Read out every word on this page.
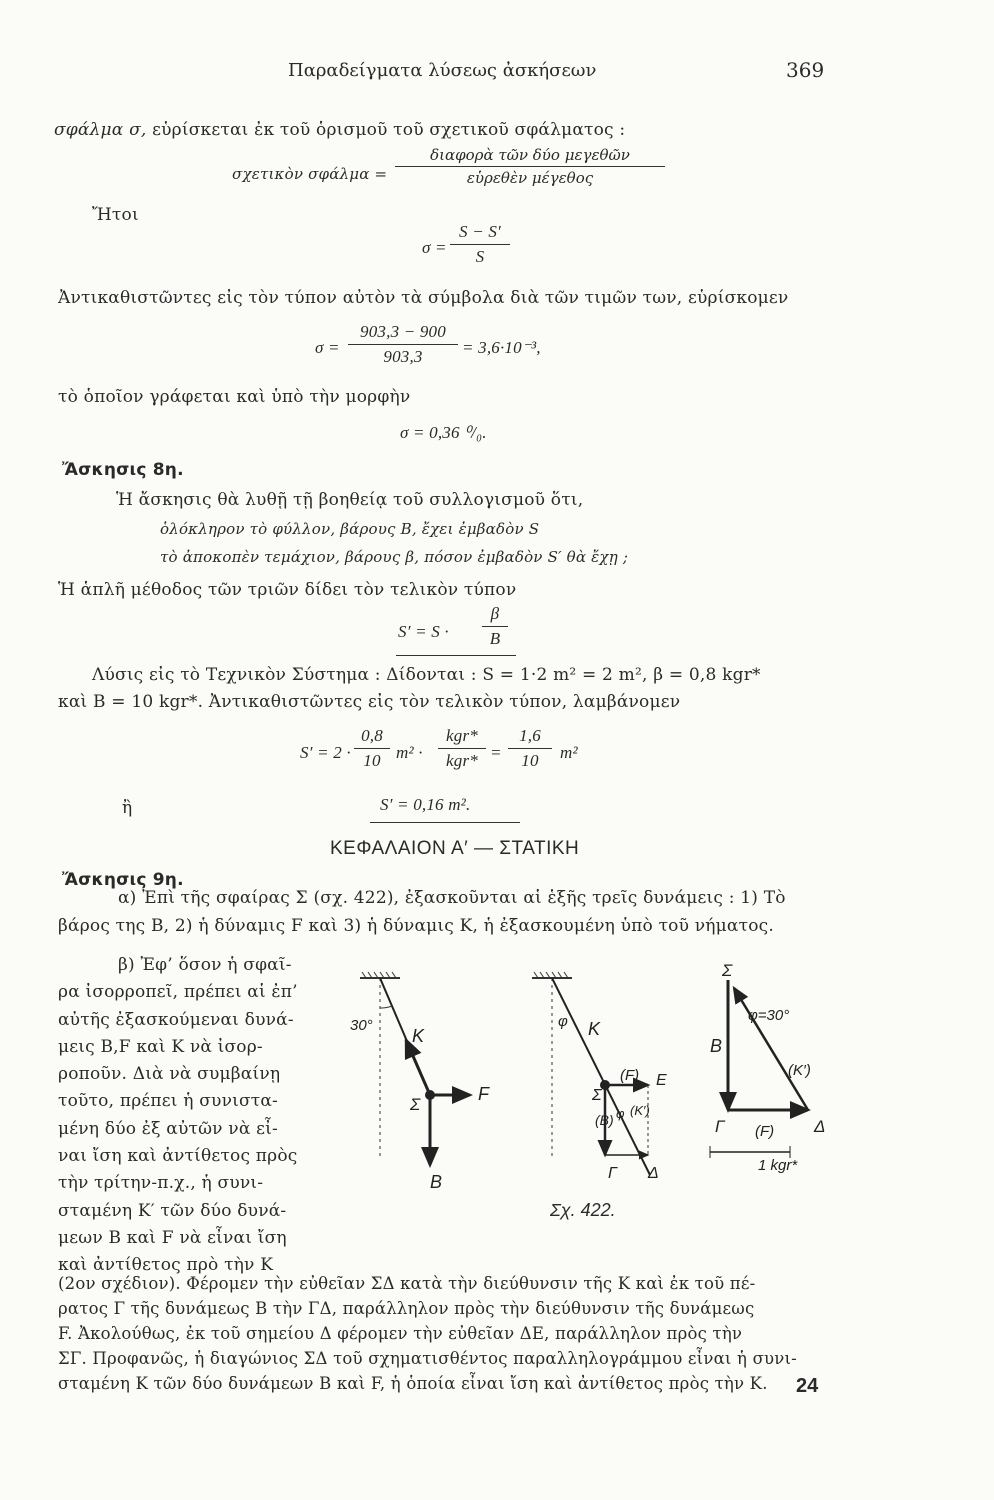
Παραδείγματα λύσεως ἀσκήσεων	369
σφάλμα σ, εὑρίσκεται ἐκ τοῦ ὁρισμοῦ τοῦ σχετικοῦ σφάλματος :
σχετικὸν σφάλμα =
διαφορὰ τῶν δύο μεγεθῶν
εὑρεθὲν μέγεθος
Ἤτοι
σ =
S − S′
S
Ἀντικαθιστῶντες εἰς τὸν τύπον αὐτὸν τὰ σύμβολα διὰ τῶν τιμῶν των, εὑρίσκομεν
σ =
903,3 − 900
903,3	= 3,6·10⁻³,
τὸ ὁποῖον γράφεται καὶ ὑπὸ τὴν μορφὴν
σ = 0,36 ⁰/₀.
Ἄσκησις 8η.
Ἡ ἄσκησις θὰ λυθῇ τῇ βοηθείᾳ τοῦ συλλογισμοῦ ὅτι,
ὁλόκληρον τὸ φύλλον, βάρους B, ἔχει ἐμβαδὸν S
τὸ ἀποκοπὲν τεμάχιον, βάρους β, πόσον ἐμβαδὸν S′ θὰ ἔχῃ ;
Ἡ ἁπλῆ μέθοδος τῶν τριῶν δίδει τὸν τελικὸν τύπον
S′ = S ·
β
B
Λύσις εἰς τὸ Τεχνικὸν Σύστημα : Δίδονται : S = 1·2 m² = 2 m², β = 0,8 kgr*
καὶ B = 10 kgr*. Ἀντικαθιστῶντες εἰς τὸν τελικὸν τύπον, λαμβάνομεν
S′ = 2 ·
0,8
10 m² ·
kgr*
kgr* =
1,6
10	m²
ἢ	S′ = 0,16 m².
ΚΕΦΑΛΑΙΟΝ Α′ — ΣΤΑΤΙΚΗ
Ἄσκησις 9η.
α) Ἐπὶ τῆς σφαίρας Σ (σχ. 422), ἐξασκοῦνται αἱ ἑξῆς τρεῖς δυνάμεις : 1) Τὸ
βάρος της B, 2) ἡ δύναμις F καὶ 3) ἡ δύναμις K, ἡ ἐξασκουμένη ὑπὸ τοῦ νήματος.
β) Ἐφ’ ὅσον ἡ σφαῖ-
ρα ἰσορροπεῖ, πρέπει αἱ ἐπ’
αὐτῆς ἐξασκούμεναι δυνά-
μεις B,F καὶ K νὰ ἰσορ-
ροποῦν. Διὰ νὰ συμβαίνῃ
τοῦτο, πρέπει ἡ συνιστα-
μένη δύο ἐξ αὐτῶν νὰ εἶ-
ναι ἴση καὶ ἀντίθετος πρὸς
τὴν τρίτην-π.χ., ἡ συνι-
σταμένη K′ τῶν δύο δυνά-
μεων B καὶ F νὰ εἶναι ἴση
καὶ ἀντίθετος πρὸ τὴν K
(2ον σχέδιον). Φέρομεν τὴν εὐθεῖαν ΣΔ κατὰ τὴν διεύθυνσιν τῆς K καὶ ἐκ τοῦ πέ-
ρατος Γ τῆς δυνάμεως B τὴν ΓΔ, παράλληλον πρὸς τὴν διεύθυνσιν τῆς δυνάμεως
F. Ἀκολούθως, ἐκ τοῦ σημείου Δ φέρομεν τὴν εὐθεῖαν ΔE, παράλληλον πρὸς τὴν
ΣΓ. Προφανῶς, ἡ διαγώνιος ΣΔ τοῦ σχηματισθέντος παραλληλογράμμου εἶναι ἡ συνι-
σταμένη K τῶν δύο δυνάμεων B καὶ F, ἡ ὁποία εἶναι ἴση καὶ ἀντίθετος πρὸς τὴν K.
30°
K
Σ
F
B
φ K
Σ
(F) E
(B) φ (K′)
Γ Δ
Σ
φ=30°
B
(K′)
Γ (F) Δ
1 kgr*
Σχ. 422.
24
